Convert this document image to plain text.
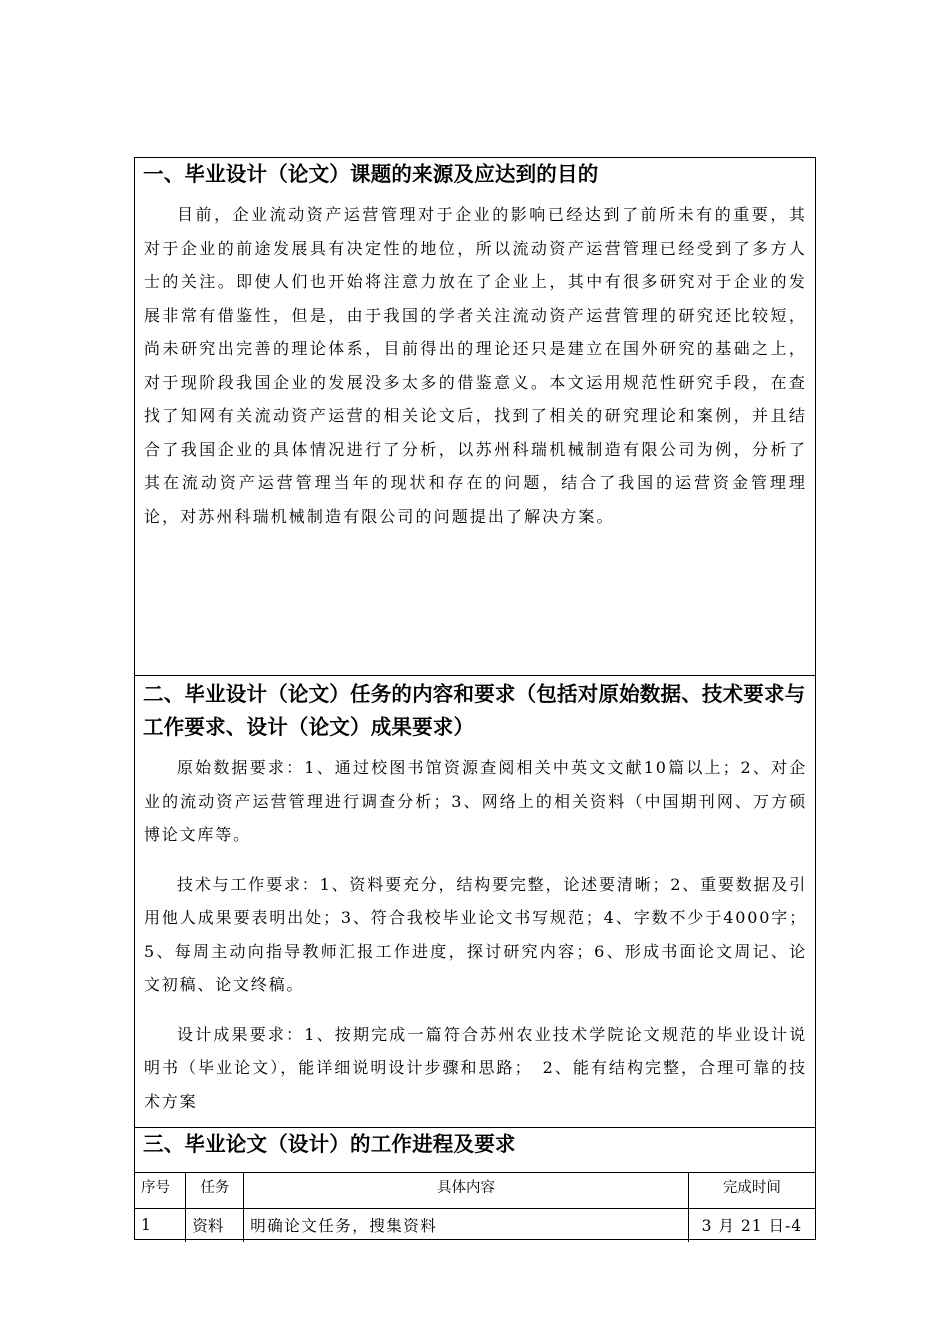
一、毕业设计（论文）课题的来源及应达到的目的

目前，企业流动资产运营管理对于企业的影响已经达到了前所未有的重要，其对于企业的前途发展具有决定性的地位，所以流动资产运营管理已经受到了多方人士的关注。即使人们也开始将注意力放在了企业上，其中有很多研究对于企业的发展非常有借鉴性，但是，由于我国的学者关注流动资产运营管理的研究还比较短，尚未研究出完善的理论体系，目前得出的理论还只是建立在国外研究的基础之上，对于现阶段我国企业的发展没多太多的借鉴意义。本文运用规范性研究手段，在查找了知网有关流动资产运营的相关论文后，找到了相关的研究理论和案例，并且结合了我国企业的具体情况进行了分析，以苏州科瑞机械制造有限公司为例，分析了其在流动资产运营管理当年的现状和存在的问题，结合了我国的运营资金管理理论，对苏州科瑞机械制造有限公司的问题提出了解决方案。

二、毕业设计（论文）任务的内容和要求（包括对原始数据、技术要求与工作要求、设计（论文）成果要求）

原始数据要求：1、通过校图书馆资源查阅相关中英文文献10篇以上；2、对企业的流动资产运营管理进行调查分析；3、网络上的相关资料（中国期刊网、万方硕博论文库等。

技术与工作要求：1、资料要充分，结构要完整，论述要清晰；2、重要数据及引用他人成果要表明出处；3、符合我校毕业论文书写规范；4、字数不少于4000字；5、每周主动向指导教师汇报工作进度，探讨研究内容；6、形成书面论文周记、论文初稿、论文终稿。

设计成果要求：1、按期完成一篇符合苏州农业技术学院论文规范的毕业设计说明书（毕业论文），能详细说明设计步骤和思路；　2、能有结构完整，合理可靠的技术方案

三、毕业论文（设计）的工作进程及要求
序号	任务	具体内容	完成时间
1	资料	明确论文任务，搜集资料	3 月 21 日-4
